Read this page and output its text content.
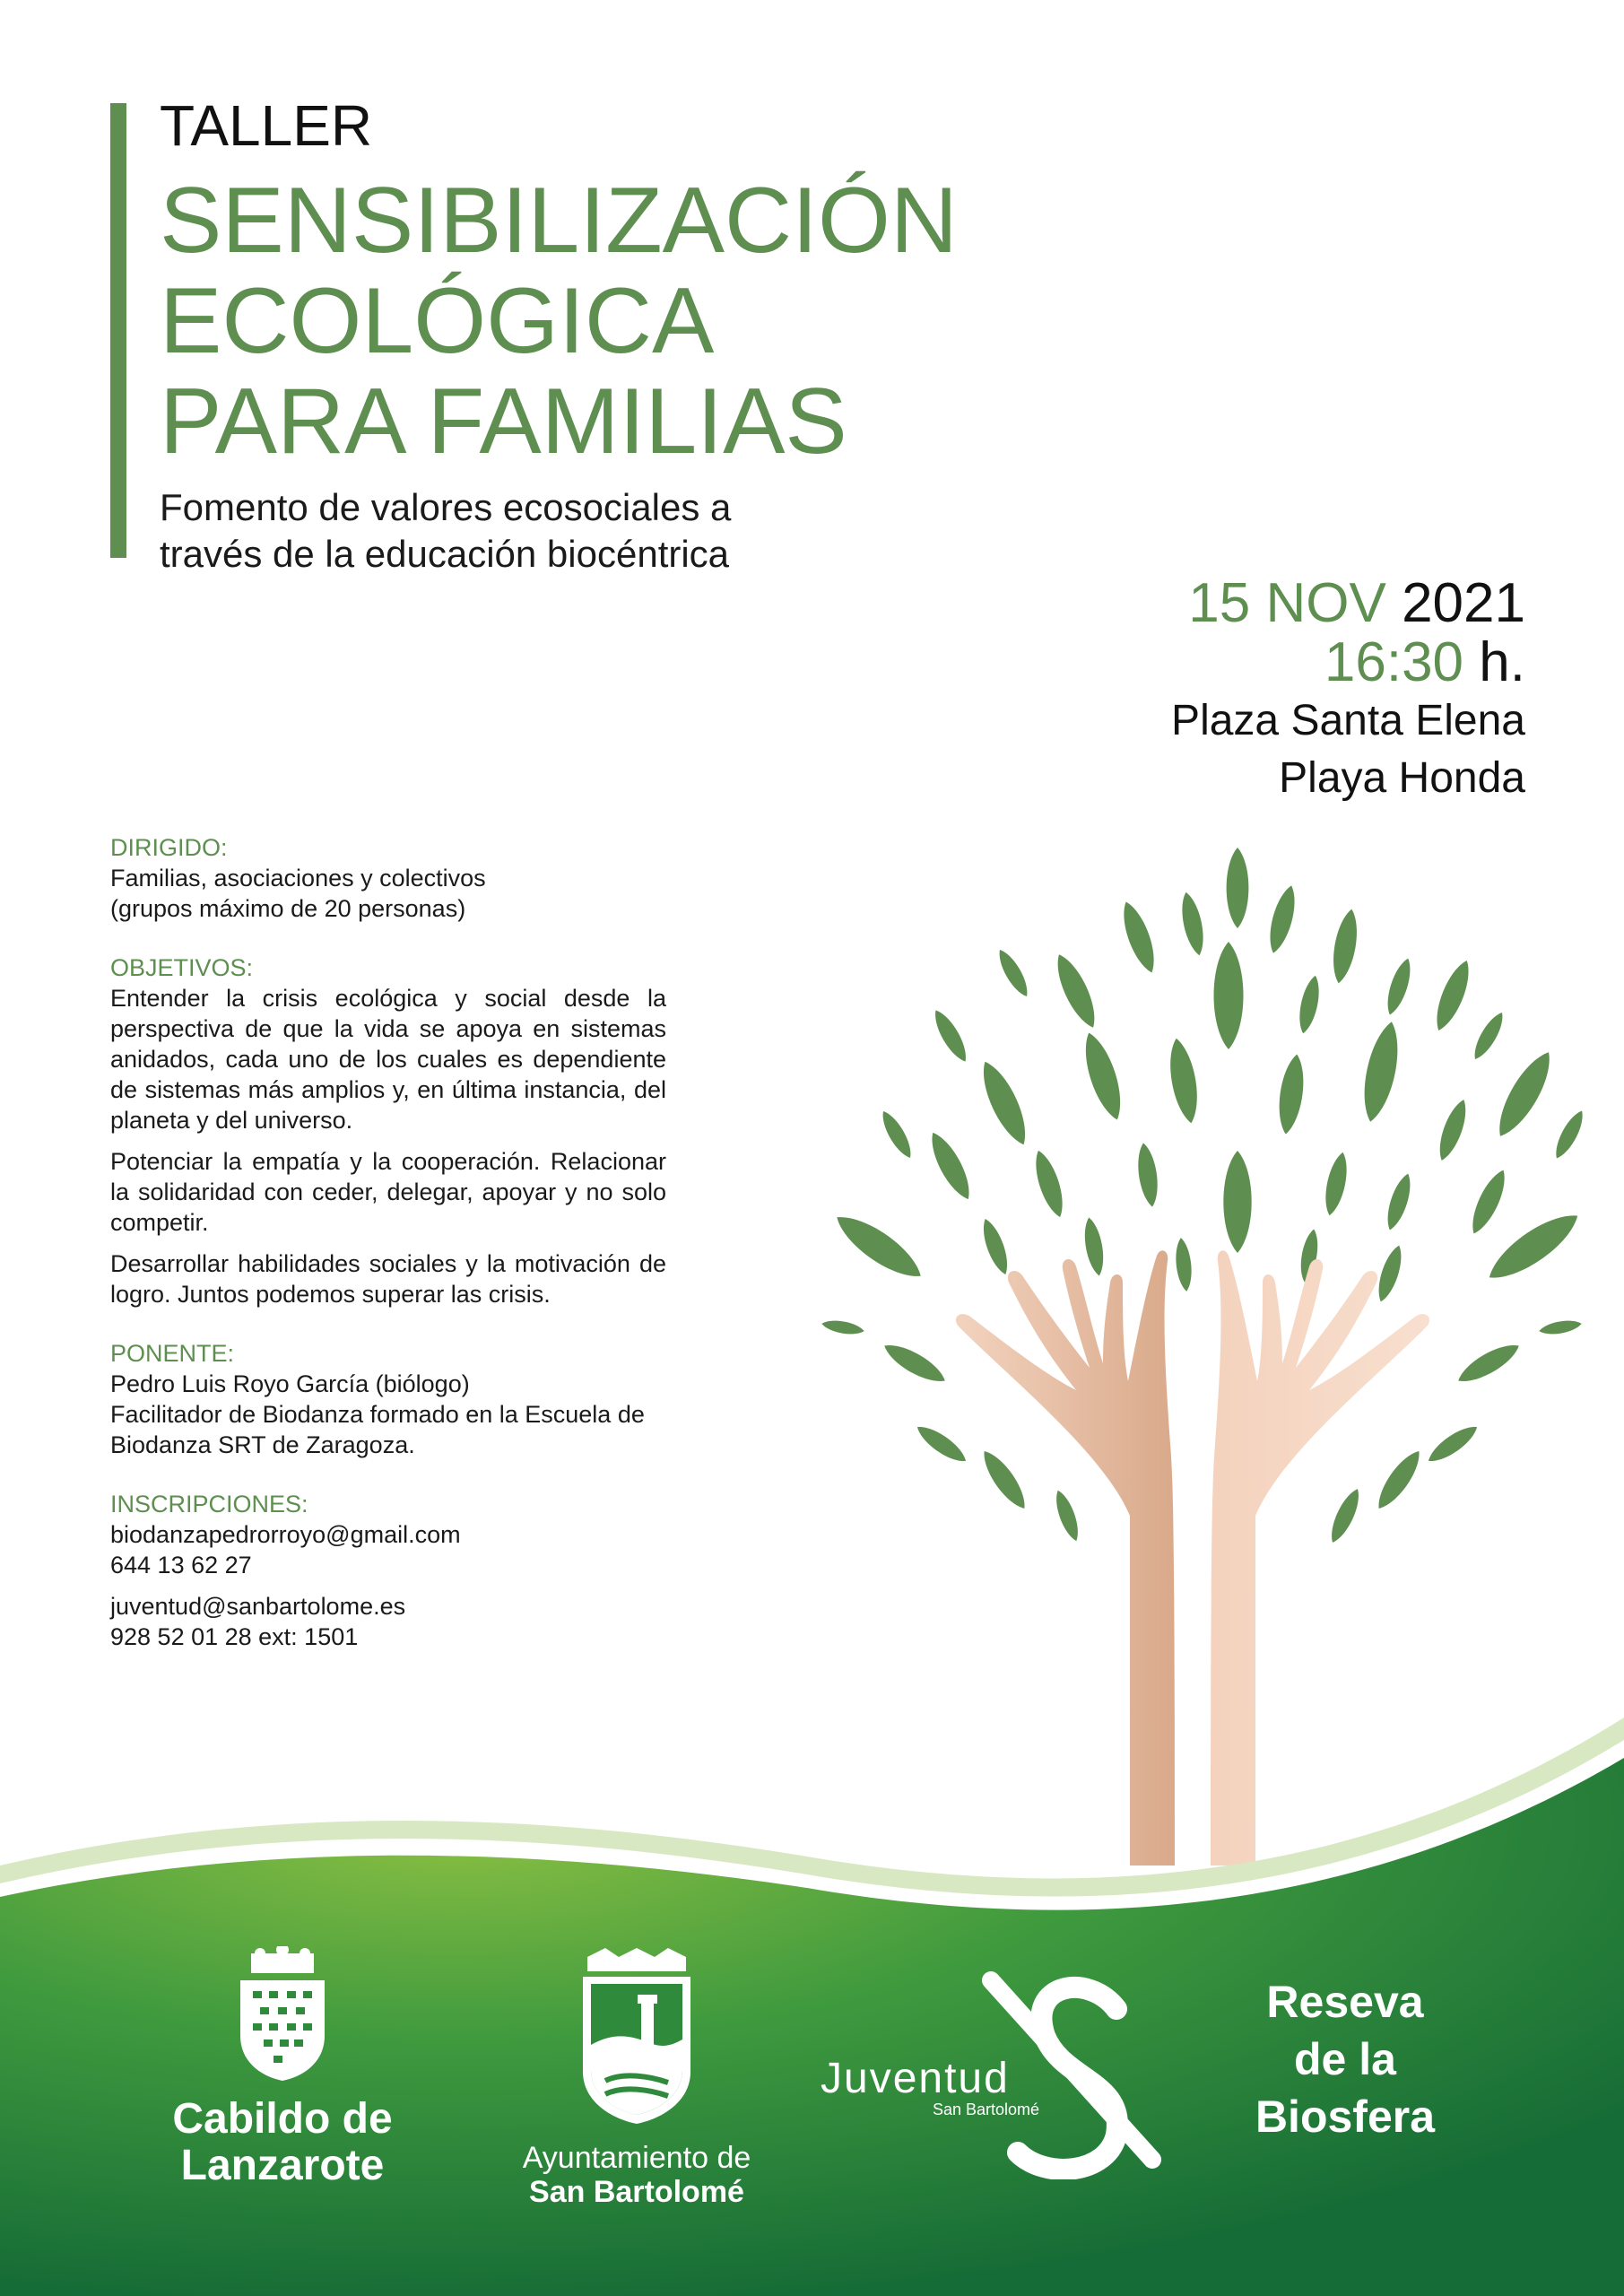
TALLER
SENSIBILIZACIÓN
ECOLÓGICA
PARA FAMILIAS
Fomento de valores ecosociales a
través de la educación biocéntrica
15 NOV 2021
16:30 h.
Plaza Santa Elena
Playa Honda
DIRIGIDO:
Familias, asociaciones y colectivos
(grupos máximo de 20 personas)
OBJETIVOS:

Entender la crisis ecológica y social desde la perspectiva de que la vida se apoya en sistemas anidados, cada uno de los cuales es dependiente de sistemas más amplios y, en última instancia, del planeta y del universo.

Potenciar la empatía y la cooperación. Relacionar la solidaridad con ceder, delegar, apoyar y no solo competir.

Desarrollar habilidades sociales y la motivación de logro. Juntos podemos superar las crisis.

PONENTE:
Pedro Luis Royo García (biólogo)
Facilitador de Biodanza formado en la Escuela de
Biodanza SRT de Zaragoza.
INSCRIPCIONES:
biodanzapedrorroyo@gmail.com
644 13 62 27
juventud@sanbartolome.es
928 52 01 28 ext: 1501
Cabildo de
Lanzarote	Ayuntamiento de
San Bartolomé
Juventud
San Bartolomé
Reseva
de la
Biosfera
